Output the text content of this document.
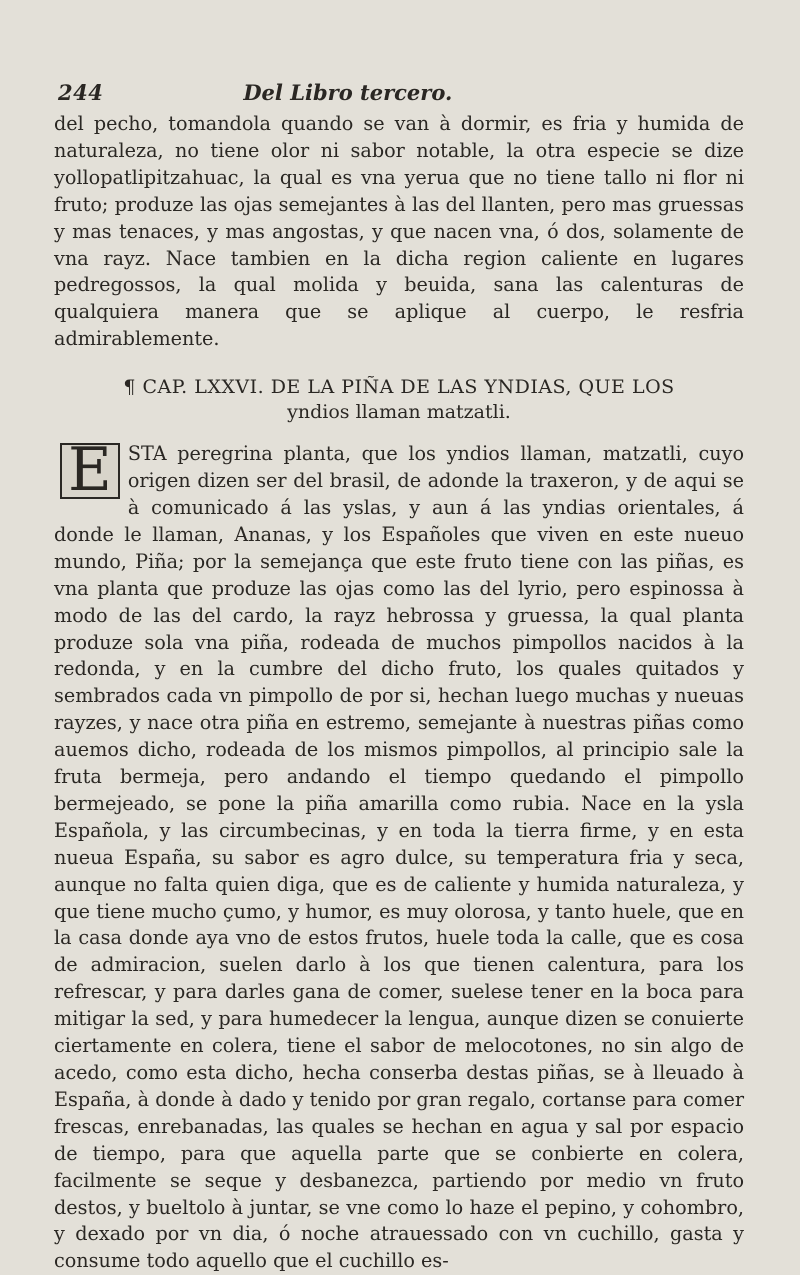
244	Del Libro tercero.

del pecho, tomandola quando se van à dormir, es fria y humida de naturaleza, no tiene olor ni sabor notable, la otra especie se dize yollopatlipitzahuac, la qual es vna yerua que no tiene tallo ni flor ni fruto; produze las ojas semejantes à las del llanten, pero mas gruessas y mas tenaces, y mas angostas, y que nacen vna, ó dos, solamente de vna rayz. Nace tambien en la dicha region caliente en lugares pedregossos, la qual molida y beuida, sana las calenturas de qualquiera manera que se aplique al cuerpo, le resfria admirablemente.

¶ CAP. LXXVI. DE LA PIÑA DE LAS YNDIAS, QUE LOS
yndios llaman matzatli.
E STA peregrina planta, que los yndios llaman, matzatli, cuyo origen dizen ser del brasil, de adonde la traxeron, y de aqui se à comunicado á las yslas, y aun á las yndias orientales, á donde le llaman, Ananas, y los Españoles que viven en este nueuo mundo, Piña; por la semejança que este fruto tiene con las piñas, es vna planta que produze las ojas como las del lyrio, pero espinossa à modo de las del cardo, la rayz hebrossa y gruessa, la qual planta produze sola vna piña, rodeada de muchos pimpollos nacidos à la redonda, y en la cumbre del dicho fruto, los quales quitados y sembrados cada vn pimpollo de por si, hechan luego muchas y nueuas rayzes, y nace otra piña en estremo, semejante à nuestras piñas como auemos dicho, rodeada de los mismos pimpollos, al principio sale la fruta bermeja, pero andando el tiempo quedando el pimpollo bermejeado, se pone la piña amarilla como rubia. Nace en la ysla Española, y las circumbecinas, y en toda la tierra firme, y en esta nueua España, su sabor es agro dulce, su temperatura fria y seca, aunque no falta quien diga, que es de caliente y humida naturaleza, y que tiene mucho çumo, y humor, es muy olorosa, y tanto huele, que en la casa donde aya vno de estos frutos, huele toda la calle, que es cosa de admiracion, suelen darlo à los que tienen calentura, para los refrescar, y para darles gana de comer, suelese tener en la boca para mitigar la sed, y para humedecer la lengua, aunque dizen se conuierte ciertamente en colera, tiene el sabor de melocotones, no sin algo de acedo, como esta dicho, hecha conserba destas piñas, se à lleuado à España, à donde à dado y tenido por gran regalo, cortanse para comer frescas, enrebanadas, las quales se hechan en agua y sal por espacio de tiempo, para que aquella parte que se conbierte en colera, facilmente se seque y desbanezca, partiendo por medio vn fruto destos, y bueltolo à juntar, se vne como lo haze el pepino, y cohombro, y dexado por vn dia, ó noche atrauessado con vn cuchillo, gasta y consume todo aquello que el cuchillo es-
